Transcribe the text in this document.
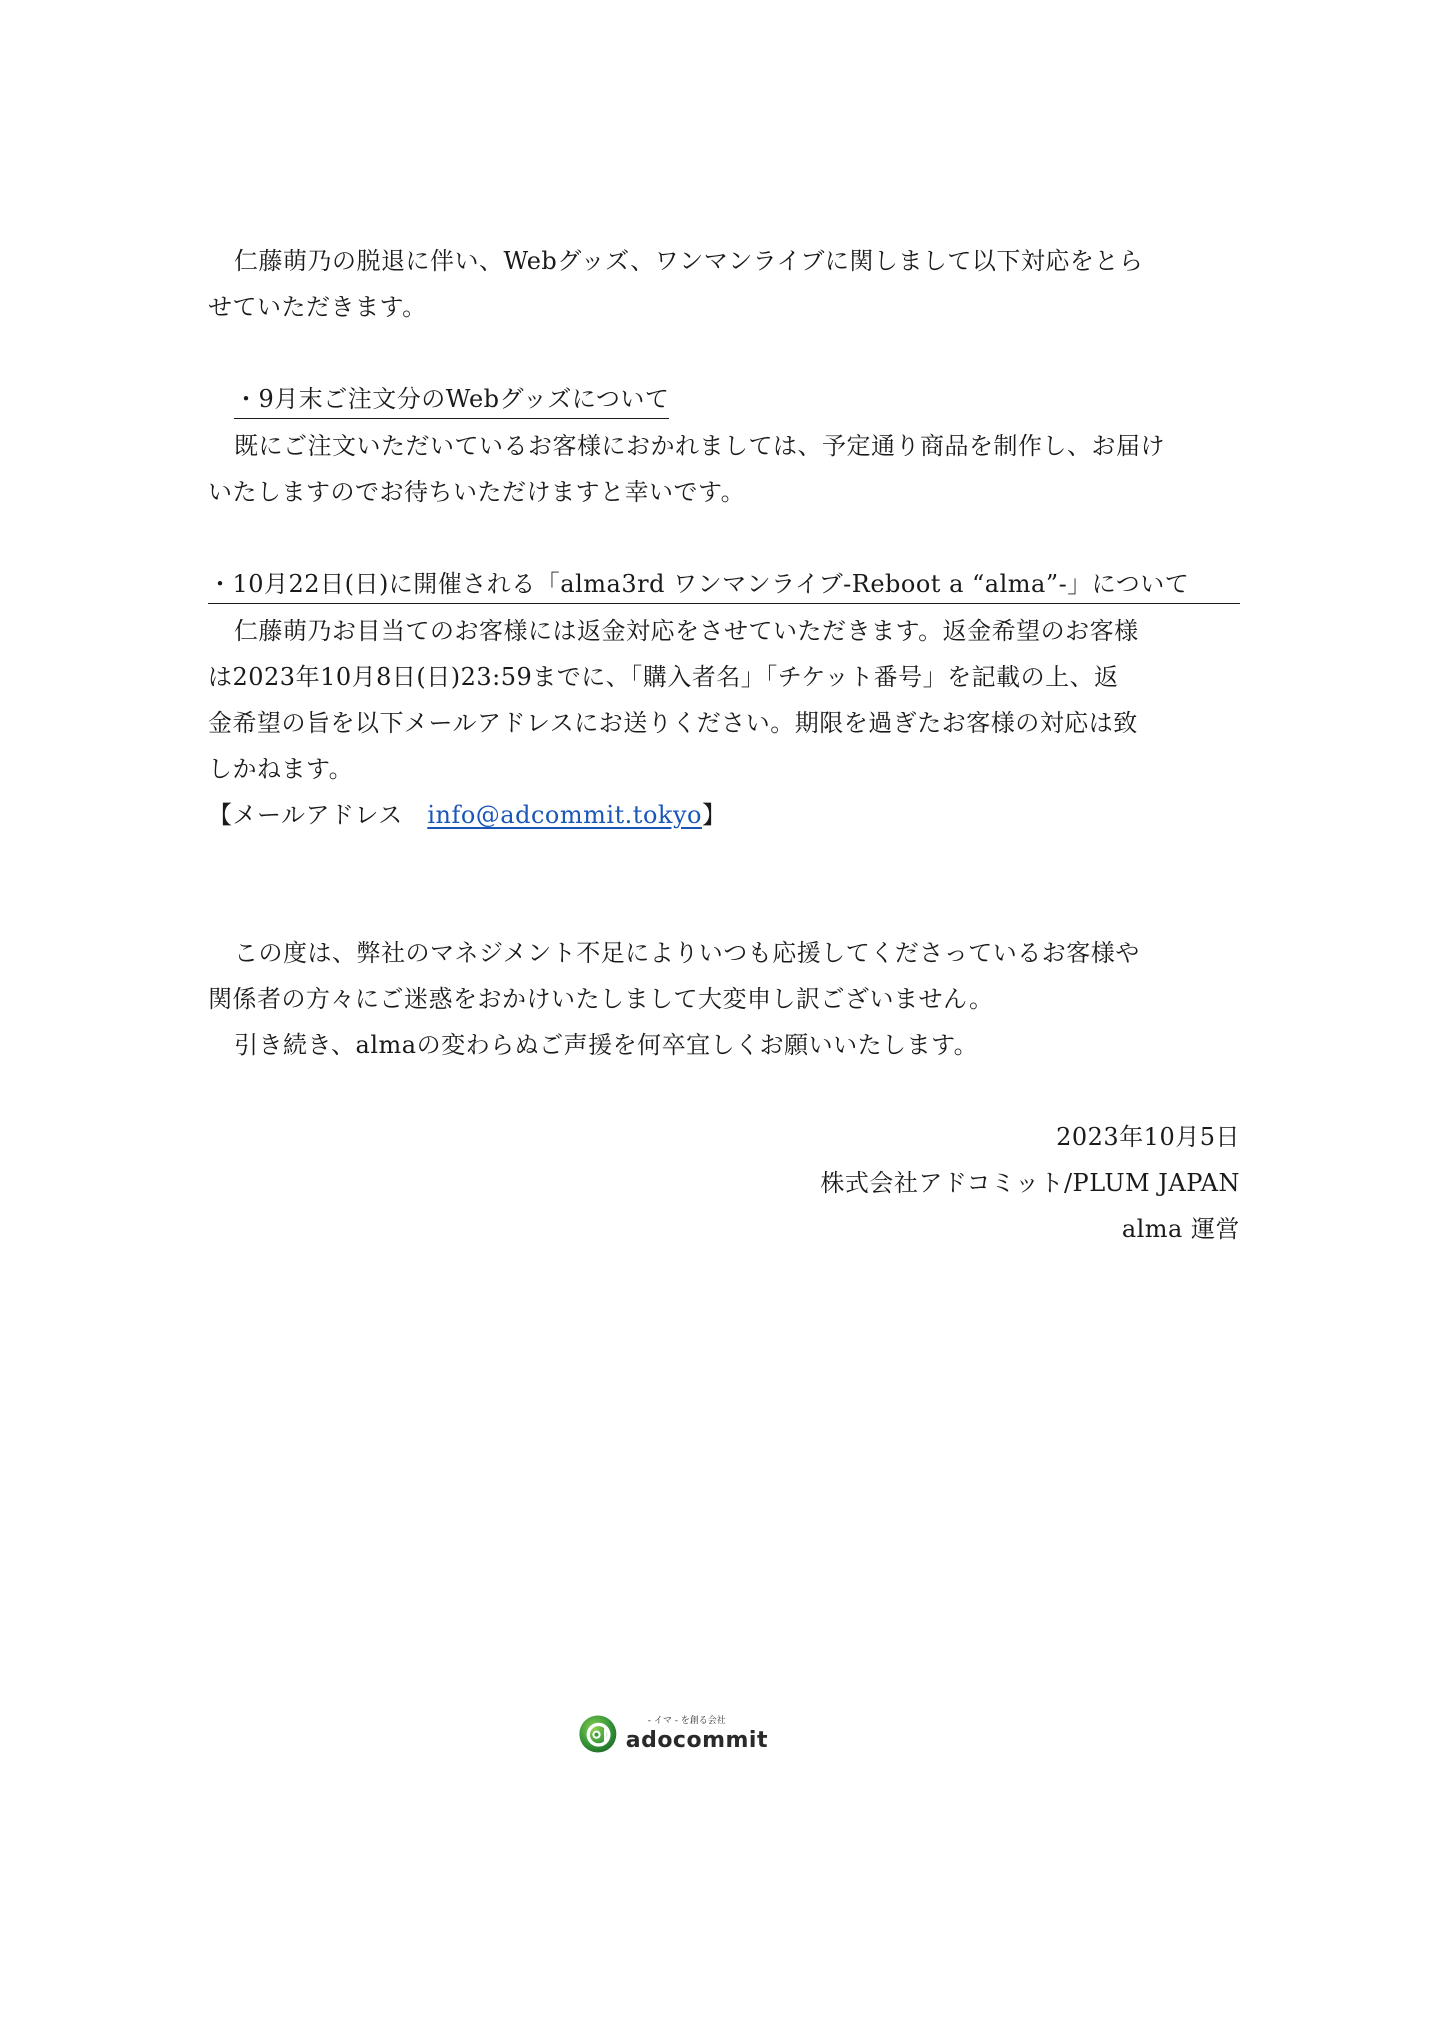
仁藤萌乃の脱退に伴い、Webグッズ、ワンマンライブに関しまして以下対応をとら

せていただきます。

・9月末ご注文分のWebグッズについて

既にご注文いただいているお客様におかれましては、予定通り商品を制作し、お届け

いたしますのでお待ちいただけますと幸いです。

・10月22日(日)に開催される「alma3rd ワンマンライブ-Reboot a “alma”-」について

仁藤萌乃お目当てのお客様には返金対応をさせていただきます。返金希望のお客様

は2023年10月8日(日)23:59までに、「購入者名」「チケット番号」を記載の上、返

金希望の旨を以下メールアドレスにお送りください。期限を過ぎたお客様の対応は致

しかねます。

【メールアドレス　info@adcommit.tokyo】

この度は、弊社のマネジメント不足によりいつも応援してくださっているお客様や

関係者の方々にご迷惑をおかけいたしまして大変申し訳ございません。

引き続き、almaの変わらぬご声援を何卒宜しくお願いいたします。

2023年10月5日

株式会社アドコミット/PLUM JAPAN

alma 運営

- イマ - を創る会社
adocommit
